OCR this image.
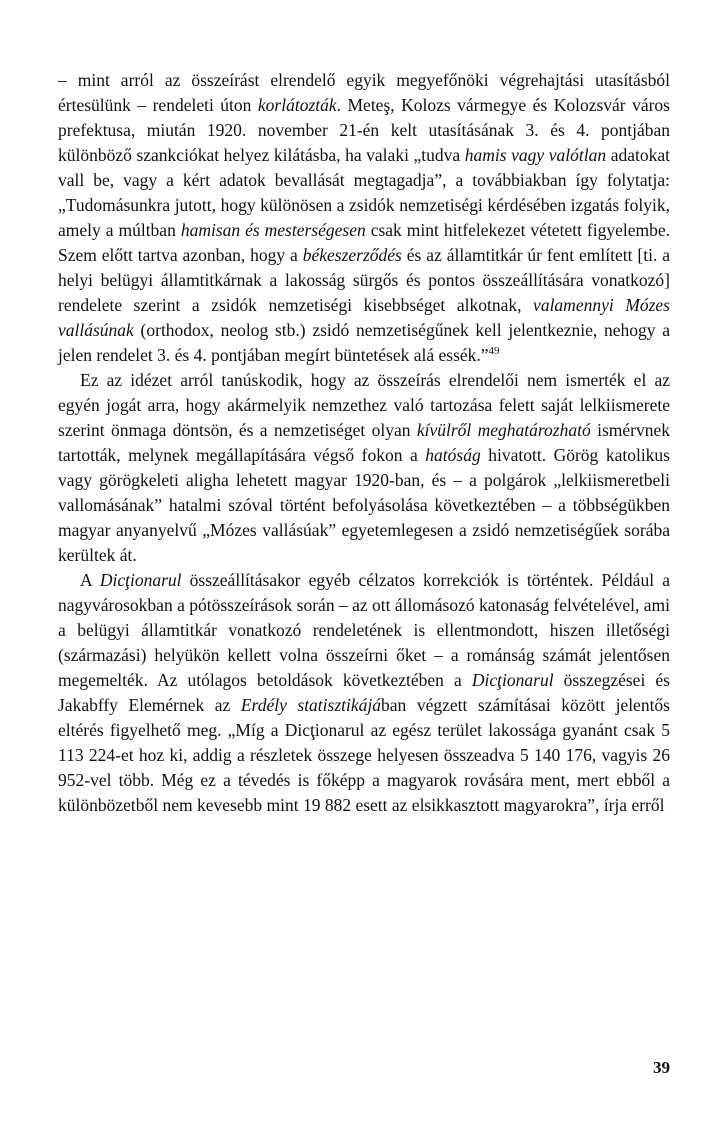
– mint arról az összeírást elrendelő egyik megyefőnöki végrehajtási utasításból értesülünk – rendeleti úton korlátozták. Meteş, Kolozs vármegye és Kolozsvár város prefektusa, miután 1920. november 21-én kelt utasításának 3. és 4. pontjában különböző szankciókat helyez kilátásba, ha valaki „tudva hamis vagy valótlan adatokat vall be, vagy a kért adatok bevallását megtagadja”, a továbbiakban így folytatja: „Tudomásunkra jutott, hogy különösen a zsidók nemzetiségi kérdésében izgatás folyik, amely a múltban hamisan és mesterségesen csak mint hitfelekezet vétetett figyelembe. Szem előtt tartva azonban, hogy a békeszerződés és az államtitkár úr fent említett [ti. a helyi belügyi államtitkárnak a lakosság sürgős és pontos összeállítására vonatkozó] rendelete szerint a zsidók nemzetiségi kisebbséget alkotnak, valamennyi Mózes vallásúnak (orthodox, neolog stb.) zsidó nemzetiségűnek kell jelentkeznie, nehogy a jelen rendelet 3. és 4. pontjában megírt büntetések alá essék.”$^{49}$

Ez az idézet arról tanúskodik, hogy az összeírás elrendelői nem ismerték el az egyén jogát arra, hogy akármelyik nemzethez való tartozása felett saját lelkiismerete szerint önmaga döntsön, és a nemzetiséget olyan kívülről meghatározható ismérvnek tartották, melynek megállapítására végső fokon a hatóság hivatott. Görög katolikus vagy görögkeleti aligha lehetett magyar 1920-ban, és – a polgárok „lelkiismeretbeli vallomásának” hatalmi szóval történt befolyásolása következtében – a többségükben magyar anyanyelvű „Mózes vallásúak” egyetemlegesen a zsidó nemzetiségűek sorába kerültek át.

A Dicţionarul összeállításakor egyéb célzatos korrekciók is történtek. Például a nagyvárosokban a pótösszeírások során – az ott állomásozó katonaság felvételével, ami a belügyi államtitkár vonatkozó rendeletének is ellentmondott, hiszen illetőségi (származási) helyükön kellett volna összeírni őket – a románság számát jelentősen megemelték. Az utólagos betoldások következtében a Dicţionarul összegzései és Jakabffy Elemérnek az Erdély statisztikájában végzett számításai között jelentős eltérés figyelhető meg. „Míg a Dicţionarul az egész terület lakossága gyanánt csak 5 113 224-et hoz ki, addig a részletek összege helyesen összeadva 5 140 176, vagyis 26 952-vel több. Még ez a tévedés is főképp a magyarok rovására ment, mert ebből a különbözetből nem kevesebb mint 19 882 esett az elsikkasztott magyarokra”, írja erről

39
